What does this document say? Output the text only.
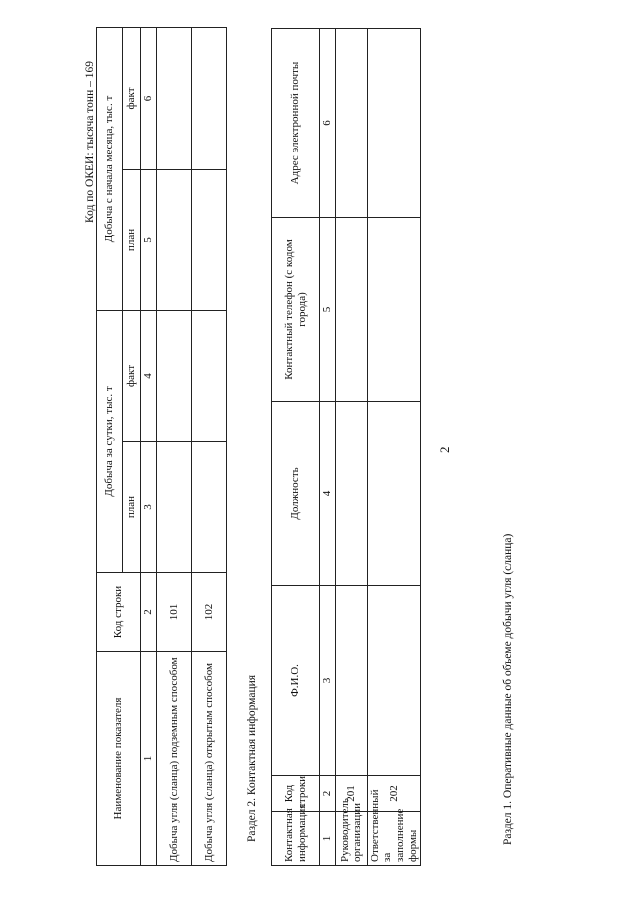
2
Раздел 1. Оперативные данные об объеме добычи угля (сланца)
Код по ОКЕИ: тысяча тонн – 169
Наименование показателя	Код строки	Добыча за сутки, тыс. т		Добыча с начала месяца, тыс. т	
		план	факт	план	факт
1	2	3	4	5	6
Добыча угля (сланца) подземным способом	101				
Добыча угля (сланца) открытым способом	102				
Раздел 2. Контактная информация Контактная информация	Код строки	Ф.И.О.	Должность	Контактный телефон (с кодом города)	Адрес электронной почты
1	2	3	4	5	6
Руководитель организации	201				
Ответственный за заполнение формы	202				
